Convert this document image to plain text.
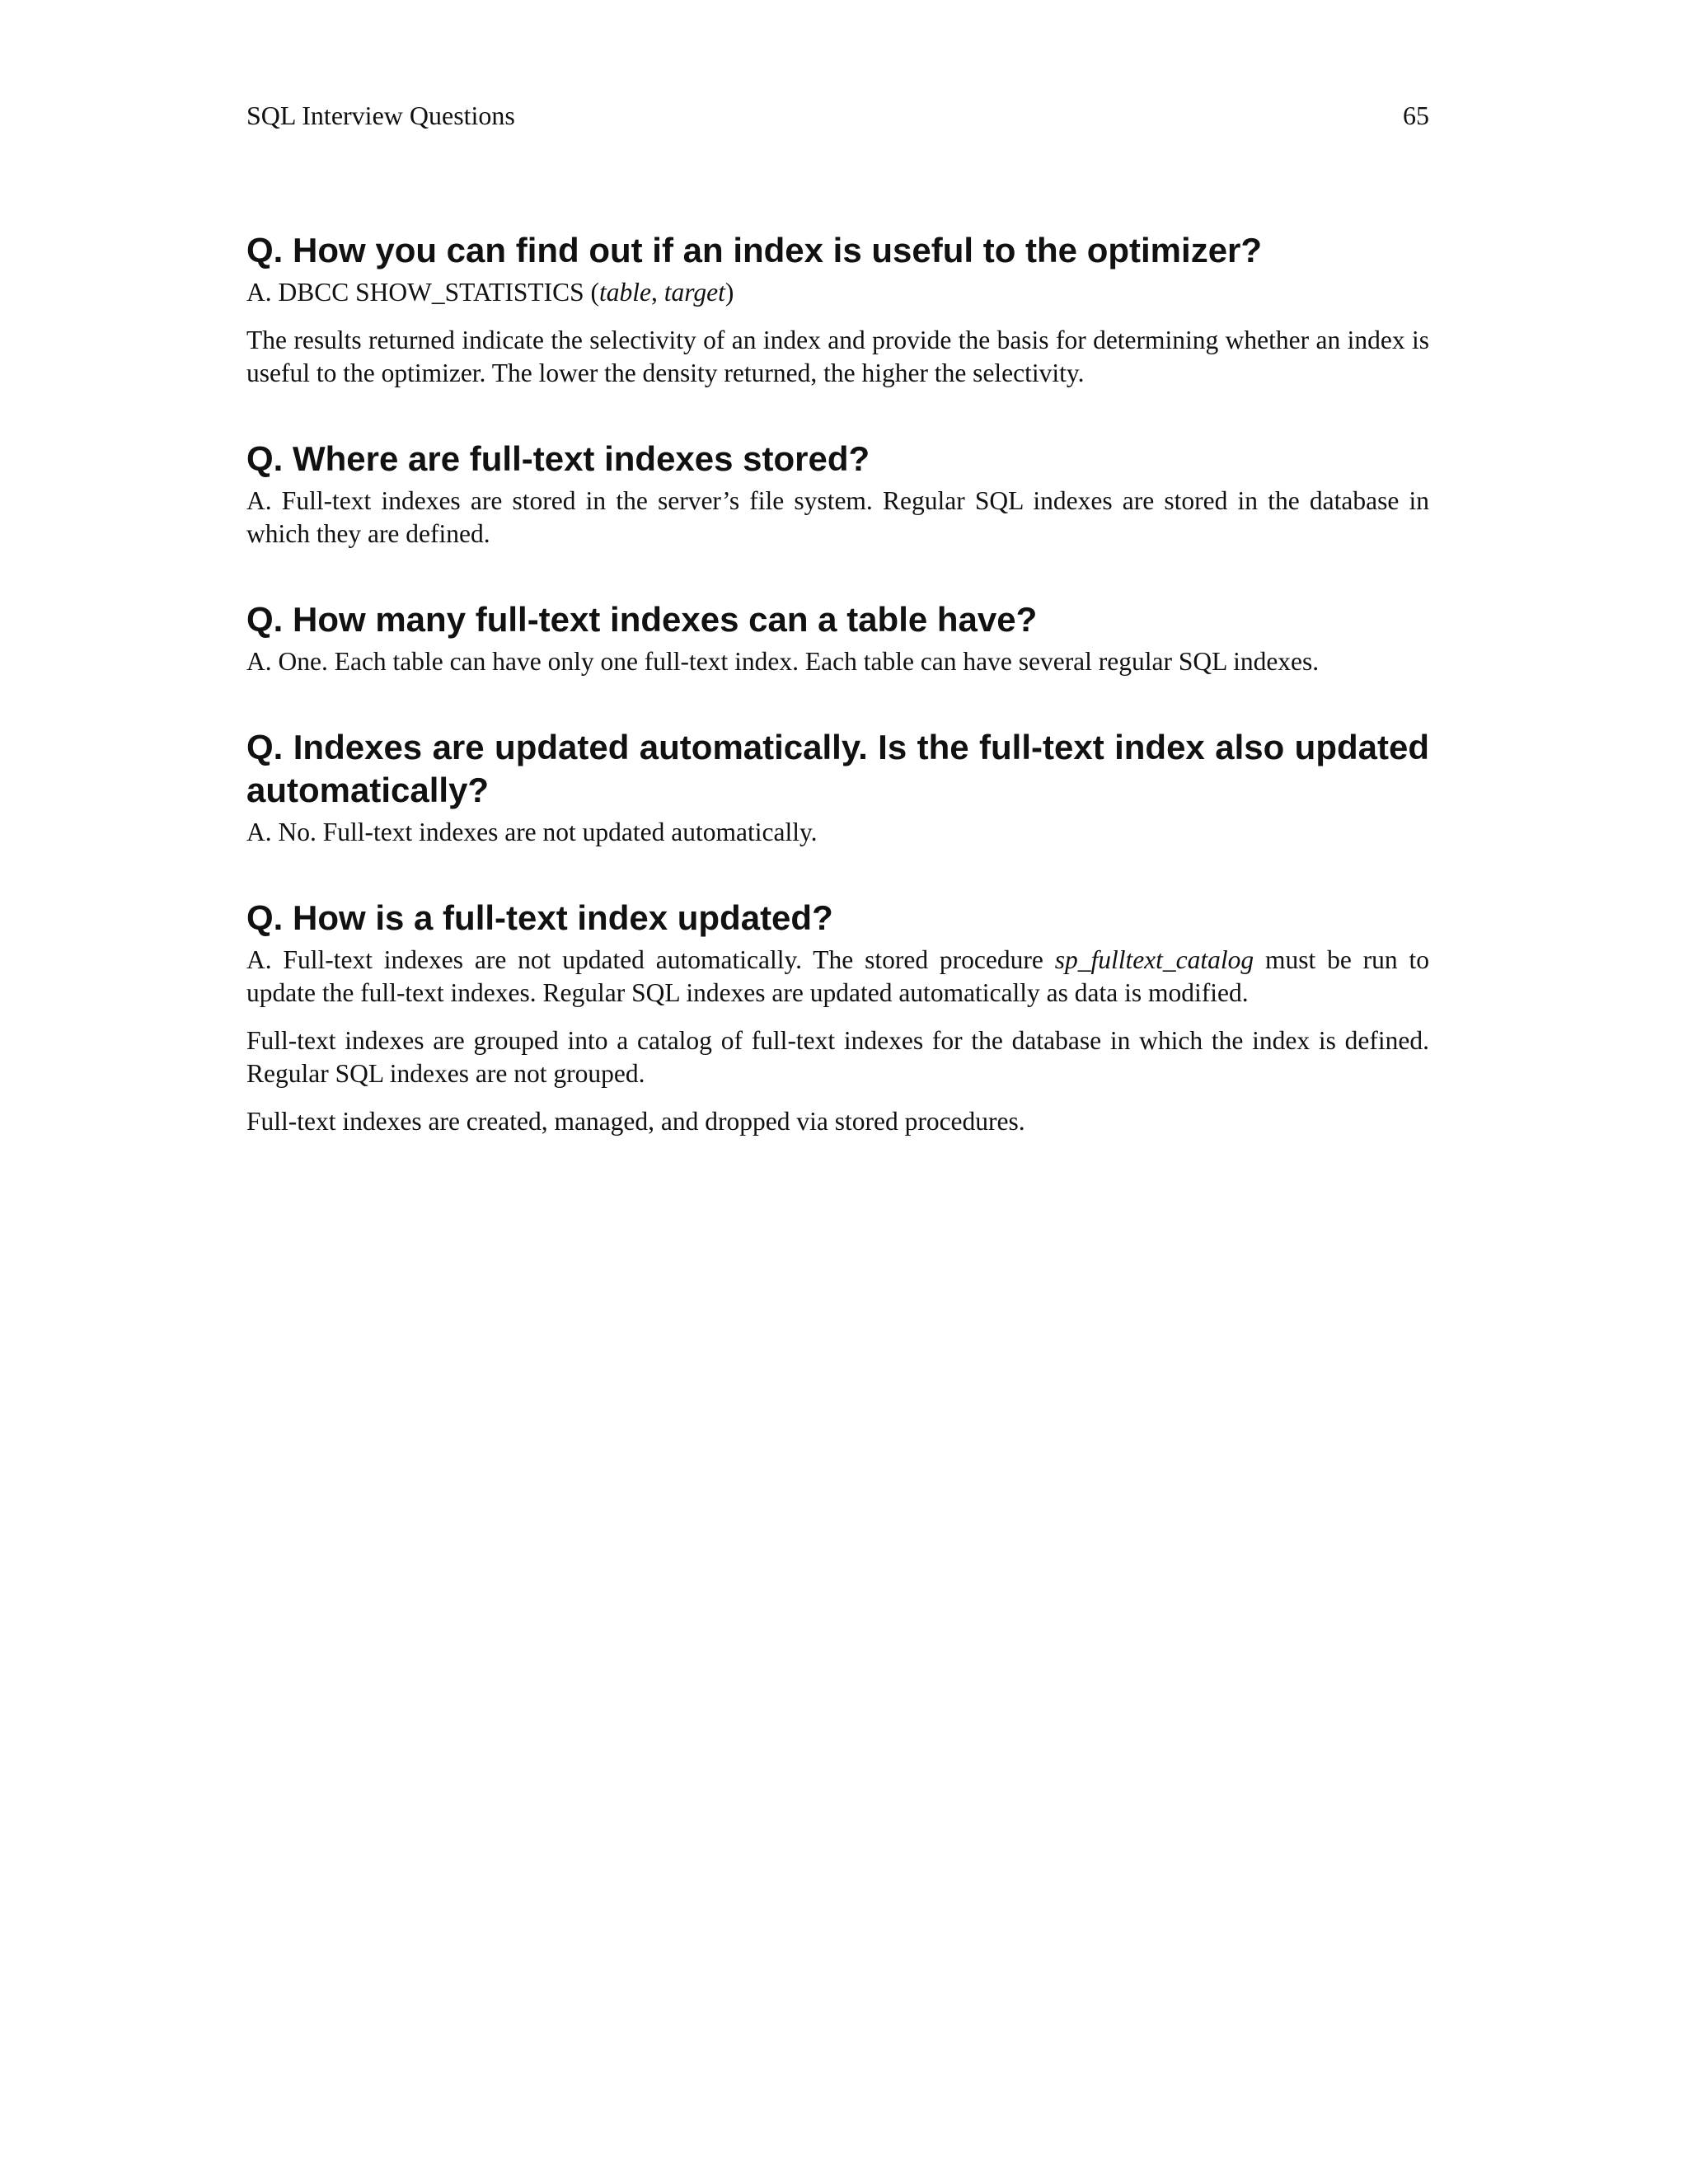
SQL Interview Questions	65
Q. How you can find out if an index is useful to the optimizer?

A. DBCC SHOW_STATISTICS (table, target)

The results returned indicate the selectivity of an index and provide the basis for determining whether an index is useful to the optimizer. The lower the density returned, the higher the selectivity.

Q. Where are full-text indexes stored?

A. Full-text indexes are stored in the server’s file system. Regular SQL indexes are stored in the database in which they are defined.

Q. How many full-text indexes can a table have?

A. One. Each table can have only one full-text index. Each table can have several regular SQL indexes.

Q. Indexes are updated automatically. Is the full-text index also updated automatically?

A. No. Full-text indexes are not updated automatically.

Q. How is a full-text index updated?

A. Full-text indexes are not updated automatically. The stored procedure sp_fulltext_catalog must be run to update the full-text indexes. Regular SQL indexes are updated automatically as data is modified.

Full-text indexes are grouped into a catalog of full-text indexes for the database in which the index is defined. Regular SQL indexes are not grouped.

Full-text indexes are created, managed, and dropped via stored procedures.
